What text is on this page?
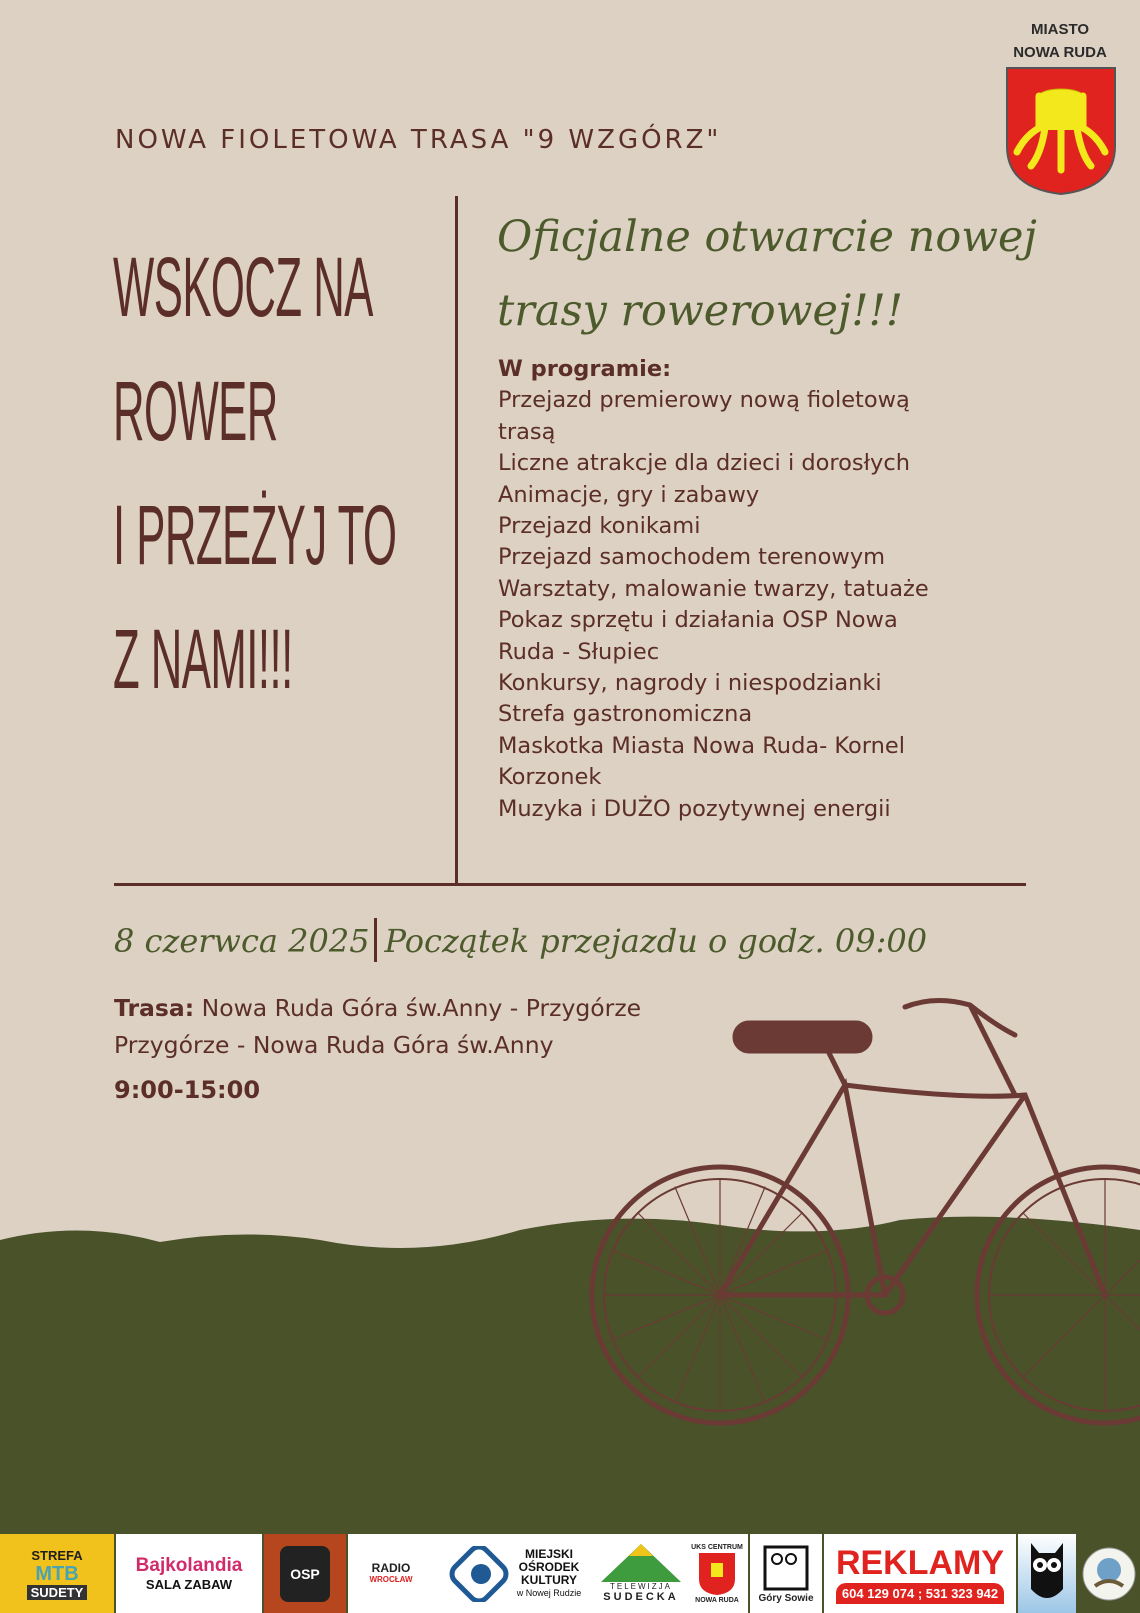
MIASTO
NOWA RUDA
NOWA FIOLETOWA TRASA "9 WZGÓRZ"
WSKOCZ NA
ROWER
I PRZEŻYJ TO
Z NAMI!!!
Oficjalne otwarcie nowej
trasy rowerowej!!!
W programie:
Przejazd premierowy nową fioletową
trasą
Liczne atrakcje dla dzieci i dorosłych
Animacje, gry i zabawy
Przejazd konikami
Przejazd samochodem terenowym
Warsztaty, malowanie twarzy, tatuaże
Pokaz sprzętu i działania OSP Nowa
Ruda - Słupiec
Konkursy, nagrody i niespodzianki
Strefa gastronomiczna
Maskotka Miasta Nowa Ruda- Kornel
Korzonek
Muzyka i DUŻO pozytywnej energii
8 czerwca 2025 Początek przejazdu o godz. 09:00
Trasa: Nowa Ruda Góra św.Anny - Przygórze
Przygórze - Nowa Ruda Góra św.Anny
9:00-15:00
STREFA
MTB
SUDETY
Bajkolandia
SALA ZABAW
OSP	RADIO
WROCŁAW
MIEJSKI
OŚRODEK
KULTURY
w Nowej Rudzie
TELEWIZJA
SUDECKA
UKS CENTRUM
NOWA RUDA Góry Sowie
REKLAMY
604 129 074 ; 531 323 942
